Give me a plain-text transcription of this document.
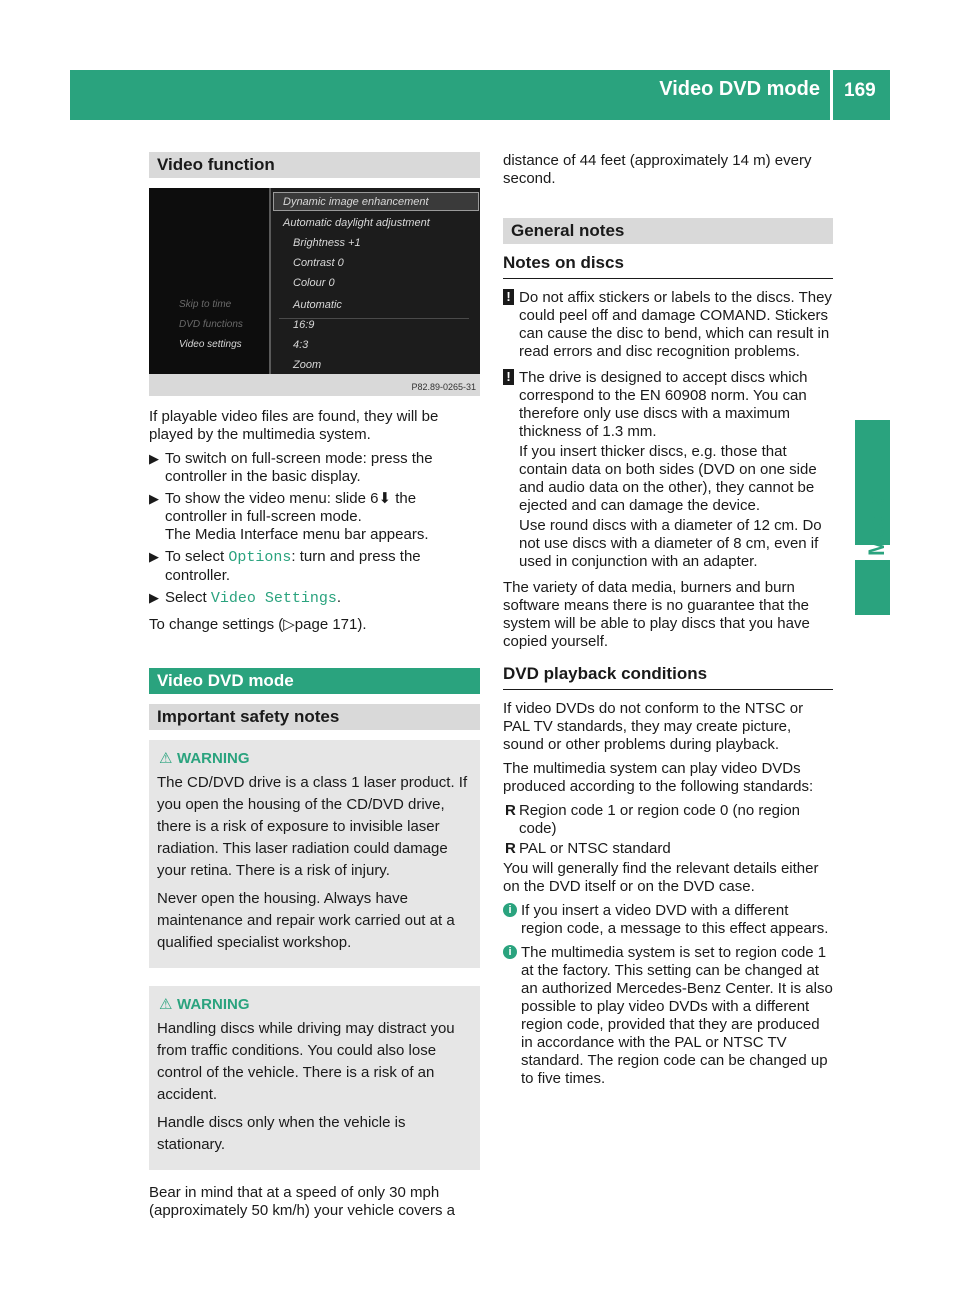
Video DVD mode 169
Media
Video function
Dynamic image enhancement
Automatic daylight adjustment
Brightness +1
Contrast 0
Colour 0
Automatic
16:9
4:3
Zoom
Skip to time
DVD functions
Video settings
P82.89-0265-31

If playable video files are found, they will be played by the multimedia system.

▶ To switch on full-screen mode: press the controller in the basic display.
▶ To show the video menu: slide 6⬇ the controller in full-screen mode.
The Media Interface menu bar appears.
▶ To select Options: turn and press the controller.
▶ Select Video Settings.

To change settings (▷page 171).

Video DVD mode
Important safety notes
⚠ WARNING

The CD/DVD drive is a class 1 laser product. If you open the housing of the CD/DVD drive, there is a risk of exposure to invisible laser radiation. This laser radiation could damage your retina. There is a risk of injury.

Never open the housing. Always have maintenance and repair work carried out at a qualified specialist workshop.

⚠ WARNING

Handling discs while driving may distract you from traffic conditions. You could also lose control of the vehicle. There is a risk of an accident.

Handle discs only when the vehicle is stationary.

Bear in mind that at a speed of only 30 mph (approximately 50 km/h) your vehicle covers a

distance of 44 feet (approximately 14 m) every second.

General notes
Notes on discs
! Do not affix stickers or labels to the discs. They could peel off and damage COMAND. Stickers can cause the disc to bend, which can result in read errors and disc recognition problems.

! The drive is designed to accept discs which correspond to the EN 60908 norm. You can therefore only use discs with a maximum thickness of 1.3 mm.

If you insert thicker discs, e.g. those that contain data on both sides (DVD on one side and audio data on the other), they cannot be ejected and can damage the device.

Use round discs with a diameter of 12 cm. Do not use discs with a diameter of 8 cm, even if used in conjunction with an adapter.

The variety of data media, burners and burn software means there is no guarantee that the system will be able to play discs that you have copied yourself.

DVD playback conditions

If video DVDs do not conform to the NTSC or PAL TV standards, they may create picture, sound or other problems during playback.

The multimedia system can play video DVDs produced according to the following standards:

R Region code 1 or region code 0 (no region code)
R PAL or NTSC standard

You will generally find the relevant details either on the DVD itself or on the DVD case.

i If you insert a video DVD with a different region code, a message to this effect appears.
i The multimedia system is set to region code 1 at the factory. This setting can be changed at an authorized Mercedes-Benz Center. It is also possible to play video DVDs with a different region code, provided that they are produced in accordance with the PAL or NTSC TV standard. The region code can be changed up to five times.
